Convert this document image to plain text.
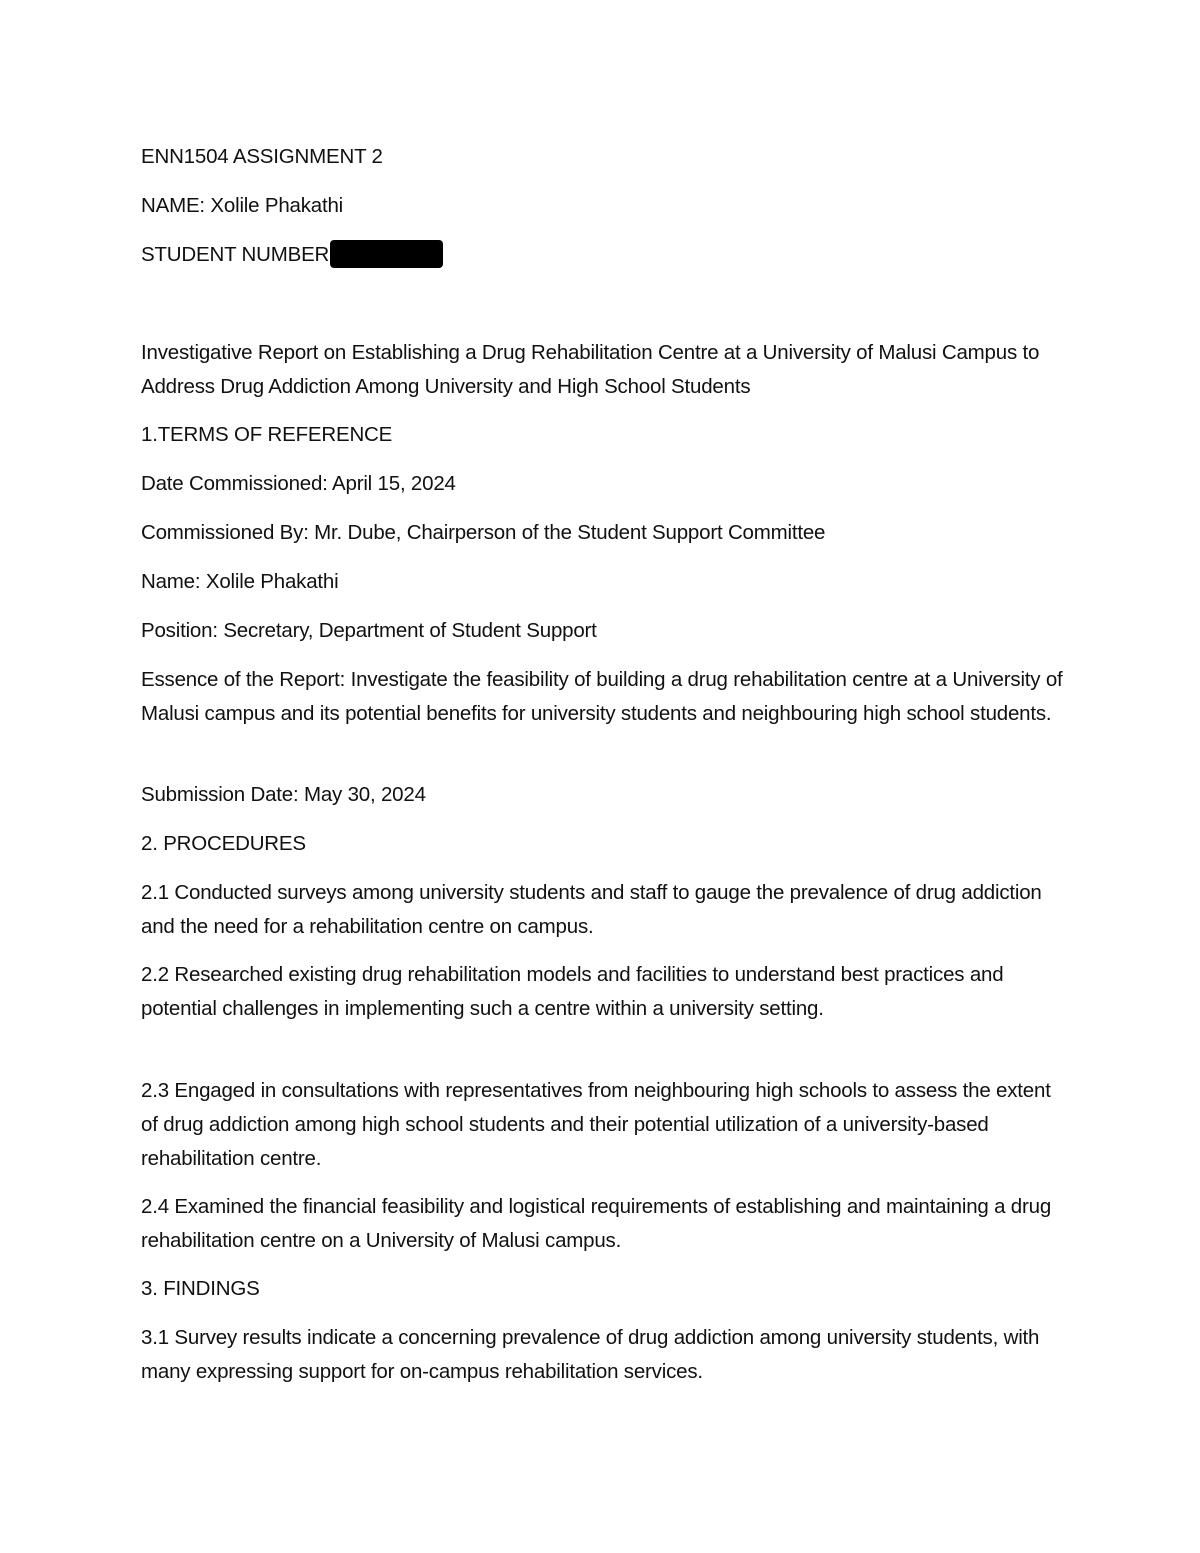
ENN1504 ASSIGNMENT 2

NAME: Xolile Phakathi

STUDENT NUMBER

Investigative Report on Establishing a Drug Rehabilitation Centre at a University of Malusi Campus to Address Drug Addiction Among University and High School Students

1.TERMS OF REFERENCE

Date Commissioned: April 15, 2024

Commissioned By: Mr. Dube, Chairperson of the Student Support Committee

Name: Xolile Phakathi

Position: Secretary, Department of Student Support

Essence of the Report: Investigate the feasibility of building a drug rehabilitation centre at a University of Malusi campus and its potential benefits for university students and neighbouring high school students.

Submission Date: May 30, 2024

2. PROCEDURES

2.1 Conducted surveys among university students and staff to gauge the prevalence of drug addiction and the need for a rehabilitation centre on campus.

2.2 Researched existing drug rehabilitation models and facilities to understand best practices and potential challenges in implementing such a centre within a university setting.

2.3 Engaged in consultations with representatives from neighbouring high schools to assess the extent of drug addiction among high school students and their potential utilization of a university-based rehabilitation centre.

2.4 Examined the financial feasibility and logistical requirements of establishing and maintaining a drug rehabilitation centre on a University of Malusi campus.

3. FINDINGS

3.1 Survey results indicate a concerning prevalence of drug addiction among university students, with many expressing support for on-campus rehabilitation services.
